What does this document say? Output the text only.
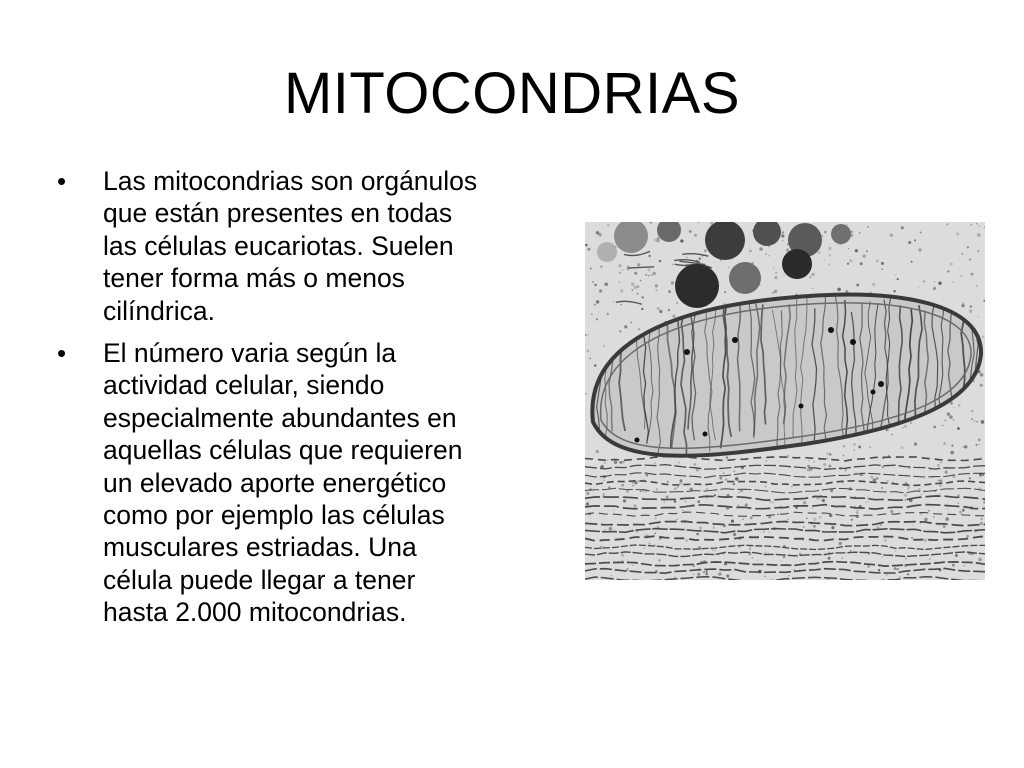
MITOCONDRIAS
• Las mitocondrias son orgánulos
que están presentes en todas
las células eucariotas. Suelen
tener forma más o menos
cilíndrica.
• El número varia según la
actividad celular, siendo
especialmente abundantes en
aquellas células que requieren
un elevado aporte energético
como por ejemplo las células
musculares estriadas. Una
célula puede llegar a tener
hasta 2.000 mitocondrias.
